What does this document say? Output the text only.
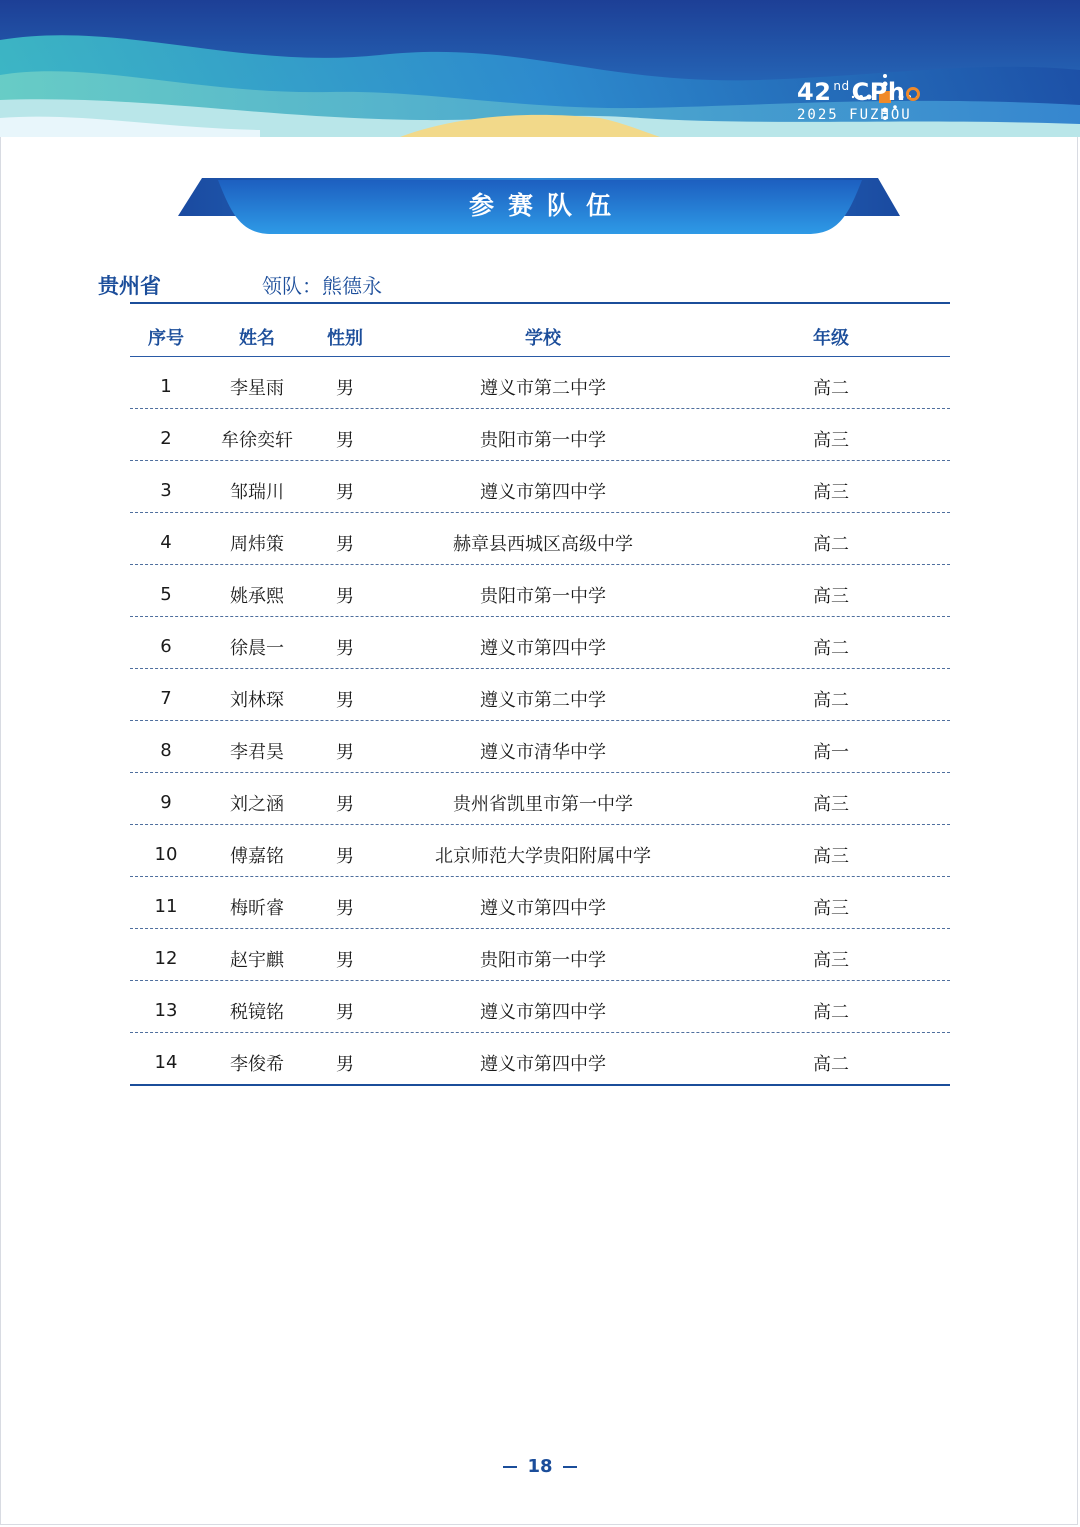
42 $^{nd}$CPh
2025 FUZHOU
参赛队伍
贵州省	领队：熊德永
序号	姓名	性别	学校	年级
1	李星雨	男	遵义市第二中学	高二
2	牟徐奕轩	男	贵阳市第一中学	高三
3	邹瑞川	男	遵义市第四中学	高三
4	周炜策	男	赫章县西城区高级中学	高二
5	姚承熙	男	贵阳市第一中学	高三
6	徐晨一	男	遵义市第四中学	高二
7	刘林琛	男	遵义市第二中学	高二
8	李君昊	男	遵义市清华中学	高一
9	刘之涵	男	贵州省凯里市第一中学	高三
10	傅嘉铭	男	北京师范大学贵阳附属中学	高三
11	梅昕睿	男	遵义市第四中学	高三
12	赵宇麒	男	贵阳市第一中学	高三
13	税镜铭	男	遵义市第四中学	高二
14	李俊希	男	遵义市第四中学	高二
18
